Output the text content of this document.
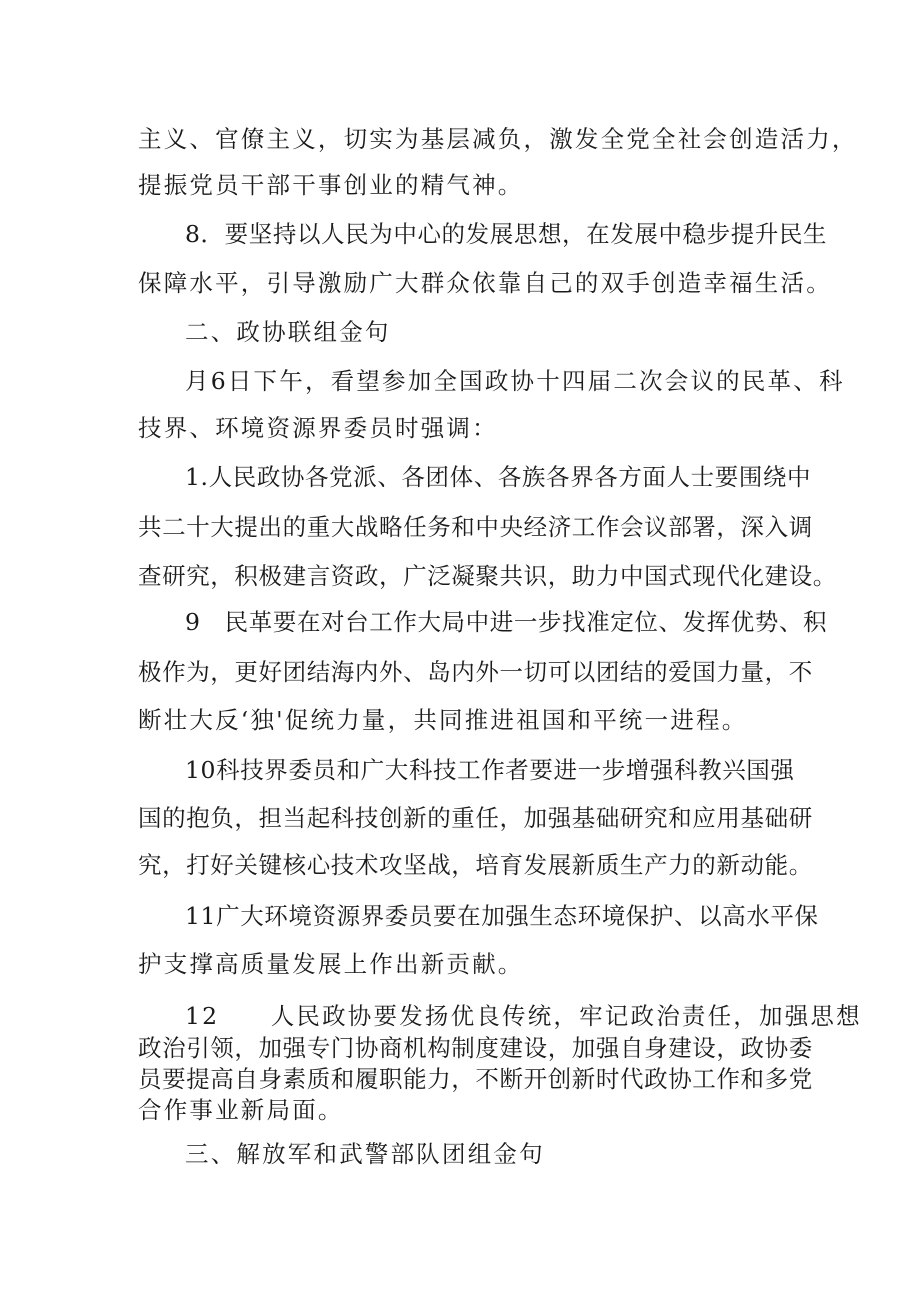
主义、官僚主义，切实为基层减负，激发全党全社会创造活力，
提振党员干部干事创业的精气神。
8．要坚持以人民为中心的发展思想，在发展中稳步提升民生
保障水平，引导激励广大群众依靠自己的双手创造幸福生活。
二、政协联组金句
月6日下午，看望参加全国政协十四届二次会议的民革、科
技界、环境资源界委员时强调：
1.人民政协各党派、各团体、各族各界各方面人士要围绕中
共二十大提出的重大战略任务和中央经济工作会议部署，深入调
查研究，积极建言资政，广泛凝聚共识，助力中国式现代化建设。
9　民革要在对台工作大局中进一步找准定位、发挥优势、积
极作为，更好团结海内外、岛内外一切可以团结的爱国力量，不
断壮大反‘独'促统力量，共同推进祖国和平统一进程。
10科技界委员和广大科技工作者要进一步增强科教兴国强
国的抱负，担当起科技创新的重任，加强基础研究和应用基础研
究，打好关键核心技术攻坚战，培育发展新质生产力的新动能。
11广大环境资源界委员要在加强生态环境保护、以高水平保
护支撑高质量发展上作出新贡献。
12　　人民政协要发扬优良传统，牢记政治责任，加强思想
政治引领，加强专门协商机构制度建设，加强自身建设，政协委
员要提高自身素质和履职能力，不断开创新时代政协工作和多党
合作事业新局面。
三、解放军和武警部队团组金句
